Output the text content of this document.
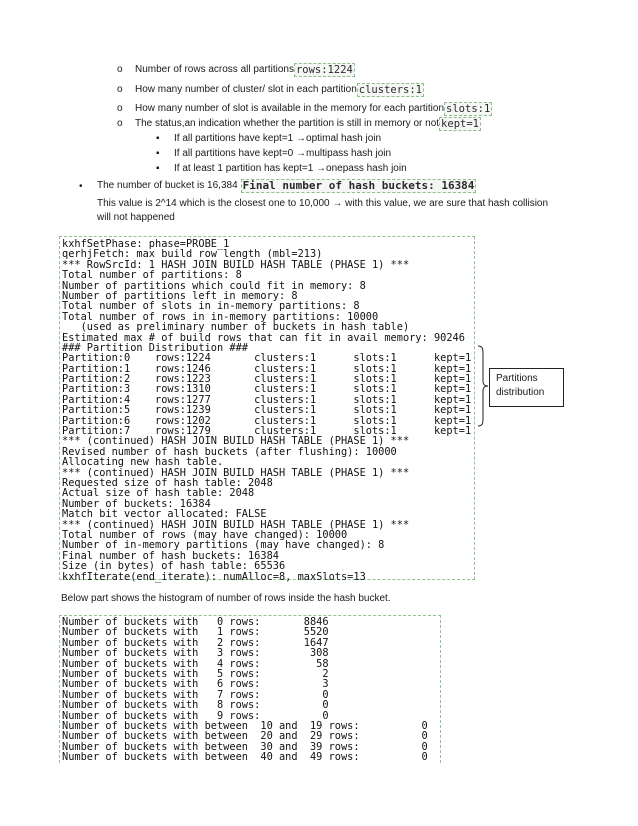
o Number of rows across all partitions rows:1224
o How many number of cluster/ slot in each partition clusters:1
o How many number of slot is available in the memory for each partition slots:1
o The status,an indication whether the partition is still in memory or not kept=1
▪ If all partitions have kept=1 →optimal hash join
▪ If all partitions have kept=0 →multipass hash join
▪ If at least 1 partition has kept=1 →onepass hash join
• The number of bucket is 16,384 Final number of hash buckets: 16384
This value is 2^14 which is the closest one to 10,000 → with this value, we are sure that hash collision
will not happened
kxhfSetPhase: phase=PROBE_1
qerhjFetch: max build row length (mbl=213)
*** RowSrcId: 1 HASH JOIN BUILD HASH TABLE (PHASE 1) ***
Total number of partitions: 8
Number of partitions which could fit in memory: 8
Number of partitions left in memory: 8
Total number of slots in in-memory partitions: 8
Total number of rows in in-memory partitions: 10000
(used as preliminary number of buckets in hash table)
Estimated max # of build rows that can fit in avail memory: 90246
### Partition Distribution ###
Partition:0    rows:1224       clusters:1      slots:1      kept=1
Partition:1    rows:1246       clusters:1      slots:1      kept=1
Partition:2    rows:1223       clusters:1      slots:1      kept=1
Partition:3    rows:1310       clusters:1      slots:1      kept=1
Partition:4    rows:1277       clusters:1      slots:1      kept=1
Partition:5    rows:1239       clusters:1      slots:1      kept=1
Partition:6    rows:1202       clusters:1      slots:1      kept=1
Partition:7    rows:1279       clusters:1      slots:1      kept=1
*** (continued) HASH JOIN BUILD HASH TABLE (PHASE 1) ***
Revised number of hash buckets (after flushing): 10000
Allocating new hash table.
*** (continued) HASH JOIN BUILD HASH TABLE (PHASE 1) ***
Requested size of hash table: 2048
Actual size of hash table: 2048
Number of buckets: 16384
Match bit vector allocated: FALSE
*** (continued) HASH JOIN BUILD HASH TABLE (PHASE 1) ***
Total number of rows (may have changed): 10000
Number of in-memory partitions (may have changed): 8
Final number of hash buckets: 16384
Size (in bytes) of hash table: 65536
kxhfIterate(end_iterate): numAlloc=8, maxSlots=13
Partitions
distribution
Below part shows the histogram of number of rows inside the hash bucket.
Number of buckets with   0 rows:       8846
Number of buckets with   1 rows:       5520
Number of buckets with   2 rows:       1647
Number of buckets with   3 rows:        308
Number of buckets with   4 rows:         58
Number of buckets with   5 rows:          2
Number of buckets with   6 rows:          3
Number of buckets with   7 rows:          0
Number of buckets with   8 rows:          0
Number of buckets with   9 rows:          0
Number of buckets with between  10 and  19 rows:          0
Number of buckets with between  20 and  29 rows:          0
Number of buckets with between  30 and  39 rows:          0
Number of buckets with between  40 and  49 rows:          0
